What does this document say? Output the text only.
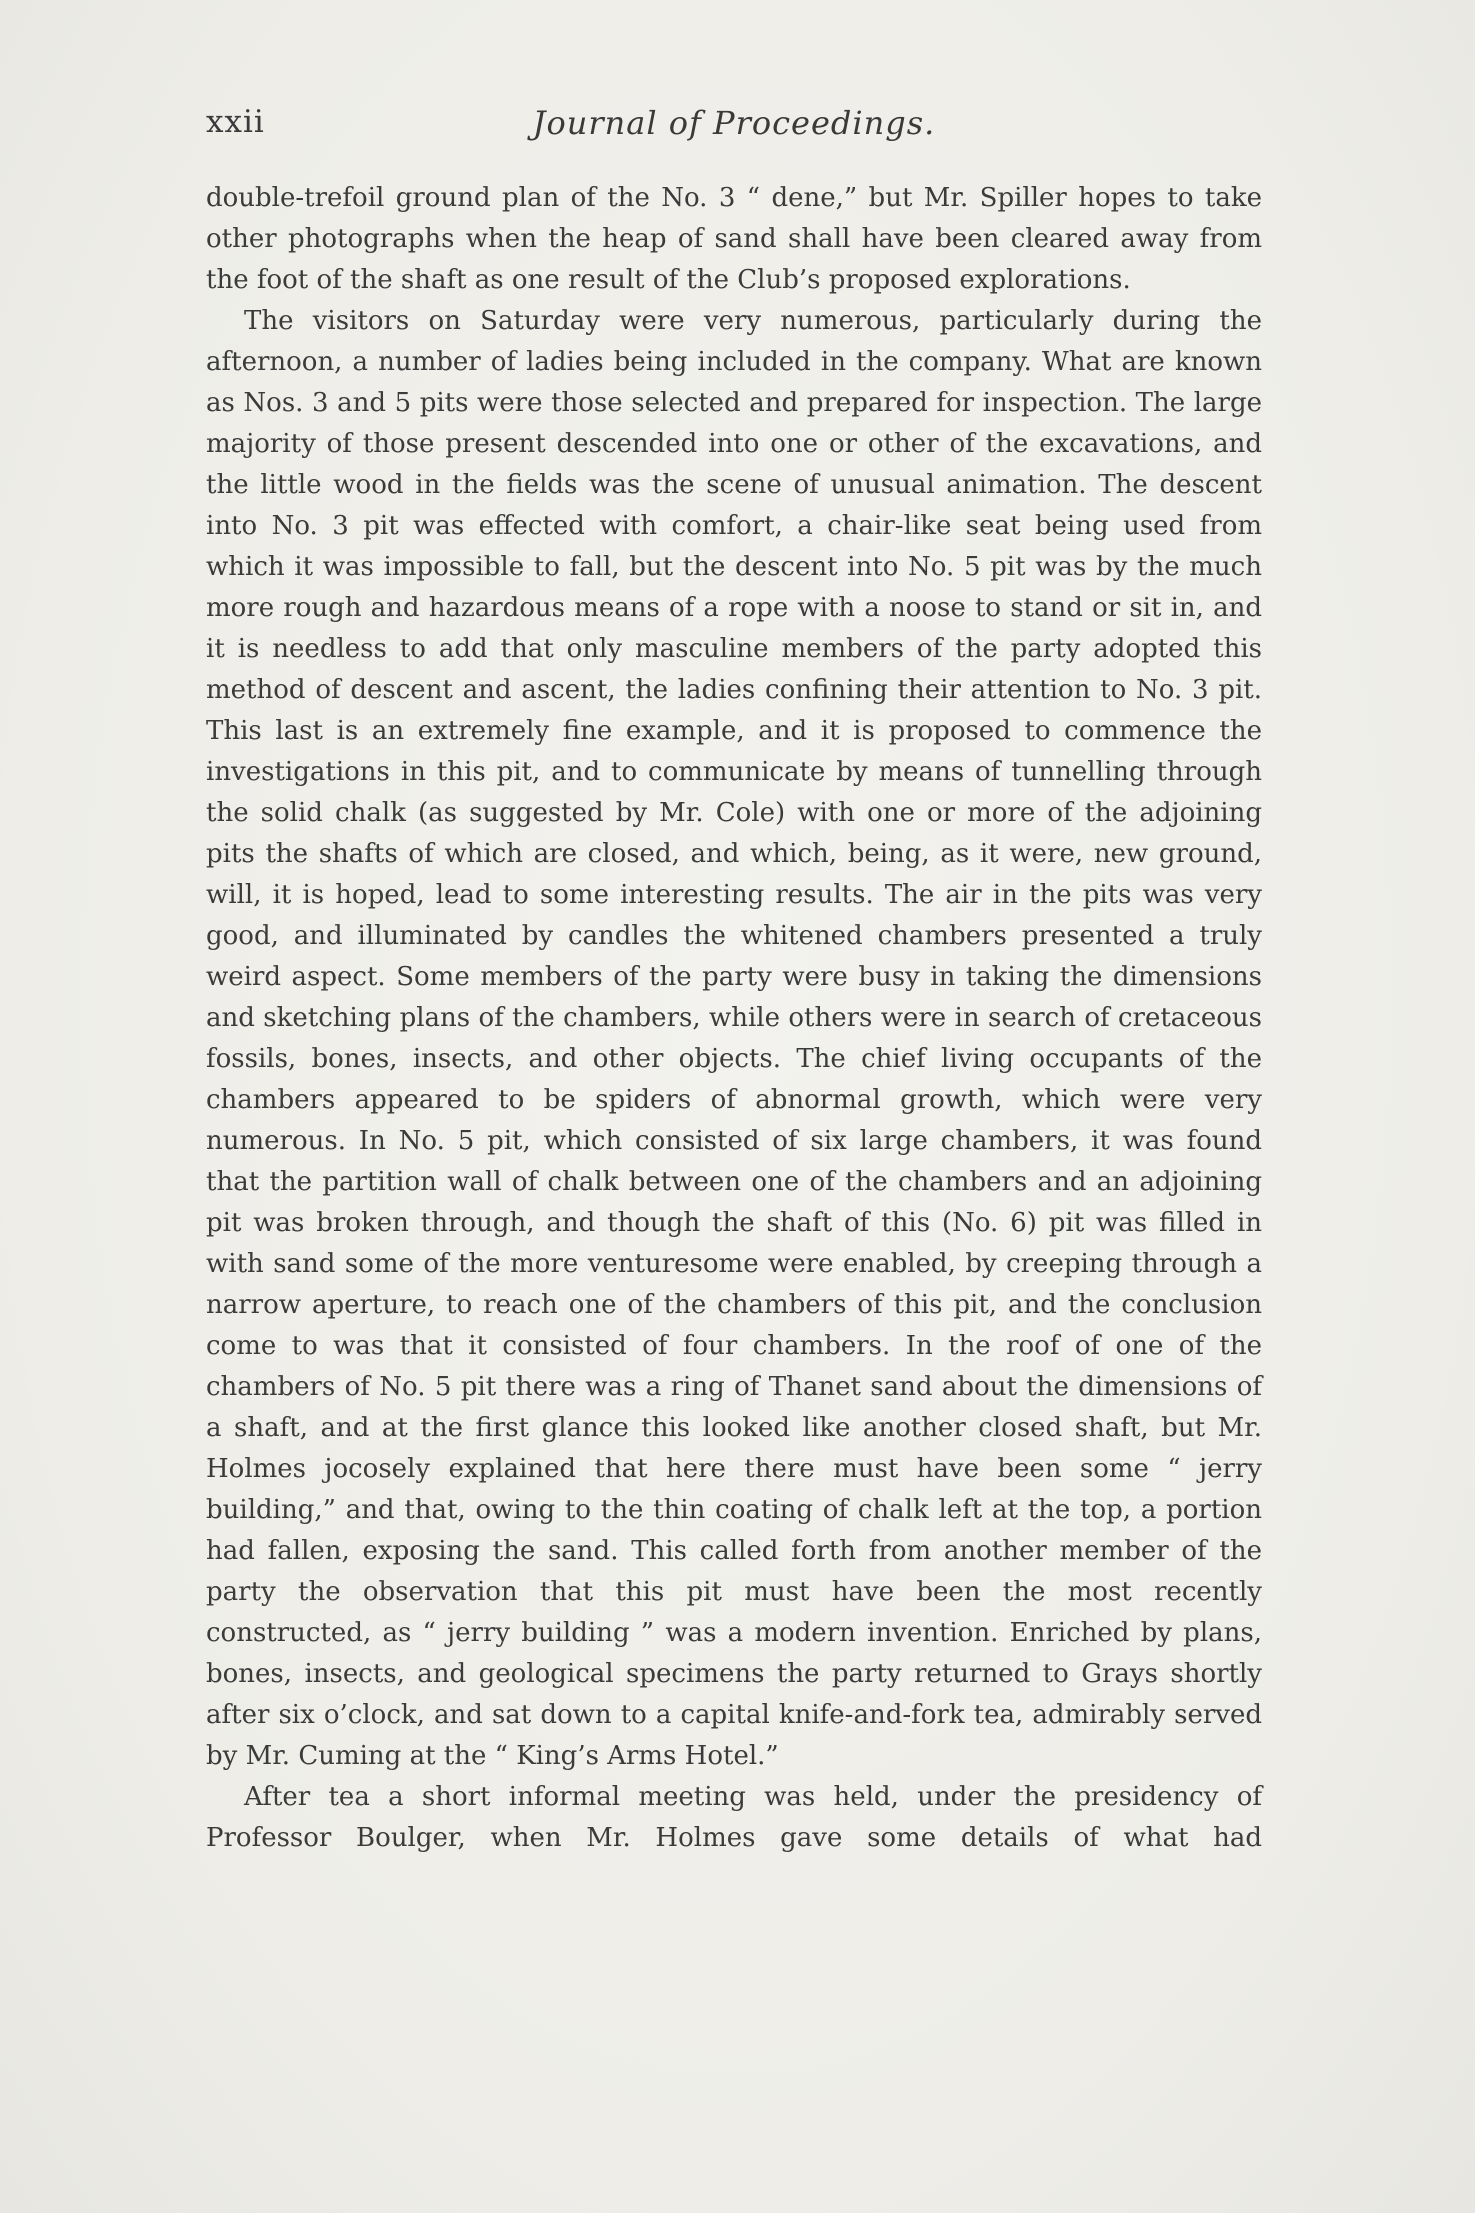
xxii	Journal of Proceedings.

double-trefoil ground plan of the No. 3 “ dene,” but Mr. Spiller hopes to take other photographs when the heap of sand shall have been cleared away from the foot of the shaft as one result of the Club’s proposed explorations.

The visitors on Saturday were very numerous, particularly during the afternoon, a number of ladies being included in the company. What are known as Nos. 3 and 5 pits were those selected and prepared for inspection. The large majority of those present descended into one or other of the excavations, and the little wood in the fields was the scene of unusual animation. The descent into No. 3 pit was effected with comfort, a chair-like seat being used from which it was impossible to fall, but the descent into No. 5 pit was by the much more rough and hazardous means of a rope with a noose to stand or sit in, and it is needless to add that only masculine members of the party adopted this method of descent and ascent, the ladies confining their attention to No. 3 pit. This last is an extremely fine example, and it is proposed to commence the investigations in this pit, and to communicate by means of tunnelling through the solid chalk (as suggested by Mr. Cole) with one or more of the adjoining pits the shafts of which are closed, and which, being, as it were, new ground, will, it is hoped, lead to some interesting results. The air in the pits was very good, and illuminated by candles the whitened chambers presented a truly weird aspect. Some members of the party were busy in taking the dimensions and sketching plans of the chambers, while others were in search of cretaceous fossils, bones, insects, and other objects. The chief living occupants of the chambers appeared to be spiders of abnormal growth, which were very numerous. In No. 5 pit, which consisted of six large chambers, it was found that the partition wall of chalk between one of the chambers and an adjoining pit was broken through, and though the shaft of this (No. 6) pit was filled in with sand some of the more venturesome were enabled, by creeping through a narrow aperture, to reach one of the chambers of this pit, and the conclusion come to was that it consisted of four chambers. In the roof of one of the chambers of No. 5 pit there was a ring of Thanet sand about the dimensions of a shaft, and at the first glance this looked like another closed shaft, but Mr. Holmes jocosely explained that here there must have been some “ jerry building,” and that, owing to the thin coating of chalk left at the top, a portion had fallen, exposing the sand. This called forth from another member of the party the observation that this pit must have been the most recently constructed, as “ jerry building ” was a modern invention. Enriched by plans, bones, insects, and geological specimens the party returned to Grays shortly after six o’clock, and sat down to a capital knife-and-fork tea, admirably served by Mr. Cuming at the “ King’s Arms Hotel.”

After tea a short informal meeting was held, under the presidency of Professor Boulger, when Mr. Holmes gave some details of what had
